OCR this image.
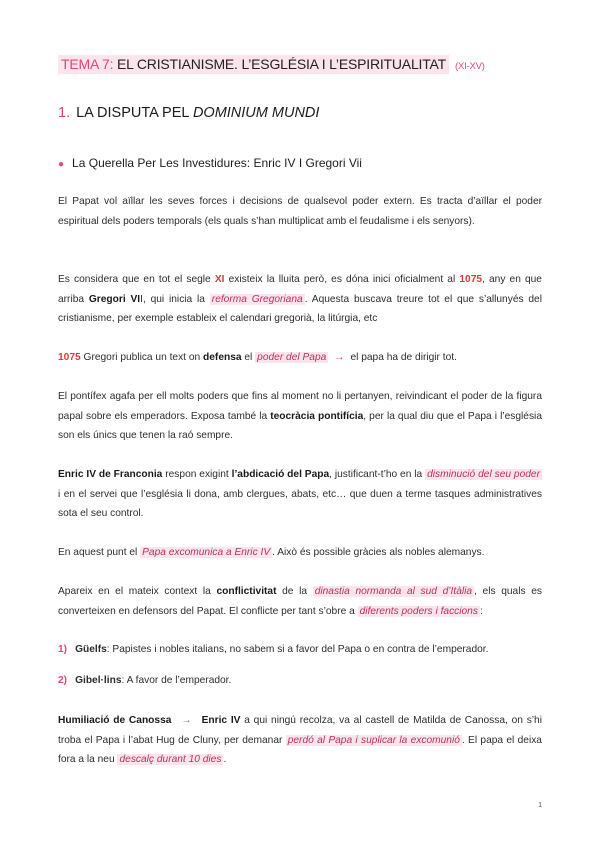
TEMA 7: EL CRISTIANISME. L’ESGLÉSIA I L’ESPIRITUALITAT (XI-XV)
1. LA DISPUTA PEL DOMINIUM MUNDI
● La Querella Per Les Investidures: Enric IV I Gregori Vii

El Papat vol aïllar les seves forces i decisions de qualsevol poder extern. Es tracta d’aïllar el poder espiritual dels poders temporals (els quals s’han multiplicat amb el feudalisme i els senyors).

Es considera que en tot el segle XI existeix la lluita però, es dóna inici oficialment al 1075, any en que arriba Gregori VII, qui inicia la reforma Gregoriana . Aquesta buscava treure tot el que s’allunyés del cristianisme, per exemple estableix el calendari gregorià, la litúrgia, etc

1075 Gregori publica un text on defensa el poder del Papa → el papa ha de dirigir tot.

El pontífex agafa per ell molts poders que fins al moment no li pertanyen, reivindicant el poder de la figura papal sobre els emperadors. Exposa també la teocràcia pontifícia, per la qual diu que el Papa i l’església son els únics que tenen la raó sempre.

Enric IV de Franconia respon exigint l’abdicació del Papa, justificant-t’ho en la disminució del seu poder i en el servei que l’església li dona, amb clergues, abats, etc… que duen a terme tasques administratives sota el seu control.

En aquest punt el Papa excomunica a Enric IV . Això és possible gràcies als nobles alemanys.

Apareix en el mateix context la conflictivitat de la dinastia normanda al sud d’Itàlia , els quals es converteixen en defensors del Papat. El conflicte per tant s’obre a diferents poders i faccions :

1) Güelfs: Papistes i nobles italians, no sabem si a favor del Papa o en contra de l’emperador.
2) Gibel·lins: A favor de l’emperador.

Humiliació de Canossa → Enric IV a qui ningú recolza, va al castell de Matilda de Canossa, on s’hi troba el Papa i l’abat Hug de Cluny, per demanar perdó al Papa i suplicar la excomunió . El papa el deixa fora a la neu descalç durant 10 dies .

1
